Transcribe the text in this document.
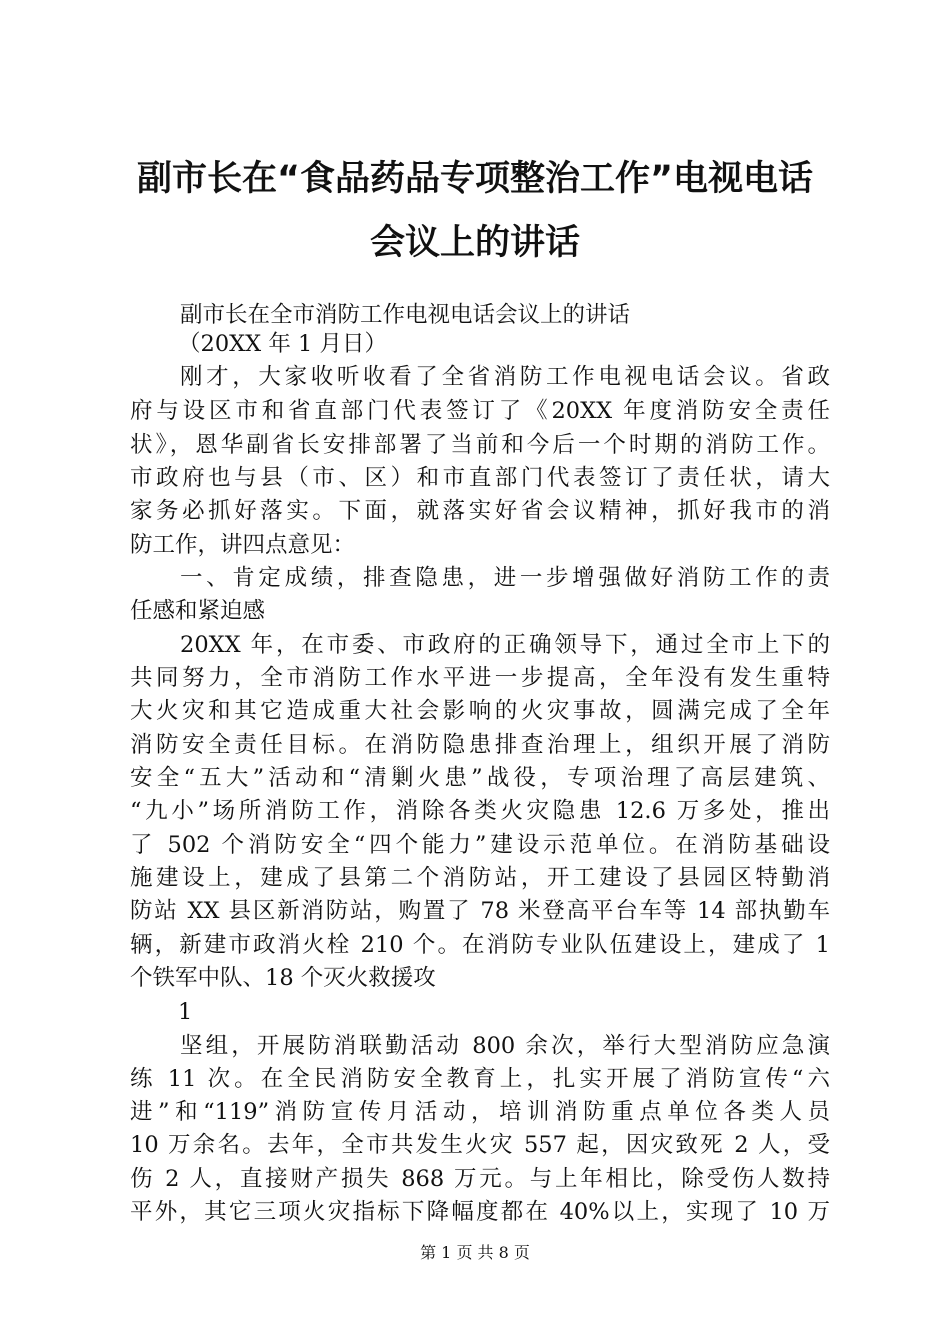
副市长在“食品药品专项整治工作”电视电话
会议上的讲话
副市长在全市消防工作电视电话会议上的讲话
（20XX 年 1 月日）
刚才，大家收听收看了全省消防工作电视电话会议。省政
府与设区市和省直部门代表签订了《20XX 年度消防安全责任
状》，恩华副省长安排部署了当前和今后一个时期的消防工作。
市政府也与县（市、区）和市直部门代表签订了责任状，请大
家务必抓好落实。下面，就落实好省会议精神，抓好我市的消
防工作，讲四点意见：
一、肯定成绩，排查隐患，进一步增强做好消防工作的责
任感和紧迫感
20XX 年，在市委、市政府的正确领导下，通过全市上下的
共同努力，全市消防工作水平进一步提高，全年没有发生重特
大火灾和其它造成重大社会影响的火灾事故，圆满完成了全年
消防安全责任目标。在消防隐患排查治理上，组织开展了消防
安全“五大”活动和“清剿火患”战役，专项治理了高层建筑、
“九小”场所消防工作，消除各类火灾隐患 12.6 万多处，推出
了 502 个消防安全“四个能力”建设示范单位。在消防基础设
施建设上，建成了县第二个消防站，开工建设了县园区特勤消
防站 XX 县区新消防站，购置了 78 米登高平台车等 14 部执勤车
辆，新建市政消火栓 210 个。在消防专业队伍建设上，建成了 1
个铁军中队、18 个灭火救援攻
1
坚组，开展防消联勤活动 800 余次，举行大型消防应急演
练 11 次。在全民消防安全教育上，扎实开展了消防宣传“六
进”和“119”消防宣传月活动，培训消防重点单位各类人员
10 万余名。去年，全市共发生火灾 557 起，因灾致死 2 人，受
伤 2 人，直接财产损失 868 万元。与上年相比，除受伤人数持
平外，其它三项火灾指标下降幅度都在 40%以上，实现了 10 万
第 1 页 共 8 页
